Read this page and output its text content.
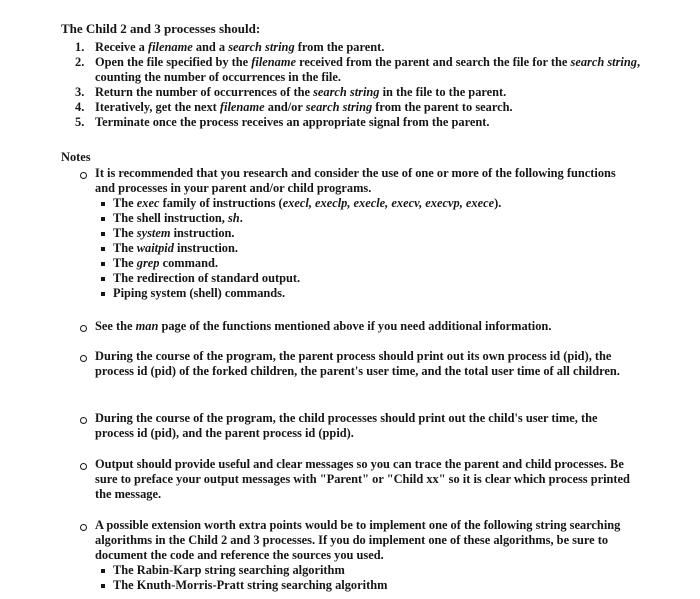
The Child 2 and 3 processes should:
1. Receive a filename and a search string from the parent.
2. Open the file specified by the filename received from the parent and search the file for the search string, counting the number of occurrences in the file.
3. Return the number of occurrences of the search string in the file to the parent.
4. Iteratively, get the next filename and/or search string from the parent to search.
5. Terminate once the process receives an appropriate signal from the parent.
Notes
It is recommended that you research and consider the use of one or more of the following functions and processes in your parent and/or child programs.
The exec family of instructions (execl, execlp, execle, execv, execvp, exece).
The shell instruction, sh.
The system instruction.
The waitpid instruction.
The grep command.
The redirection of standard output.
Piping system (shell) commands.
See the man page of the functions mentioned above if you need additional information.
During the course of the program, the parent process should print out its own process id (pid), the process id (pid) of the forked children, the parent's user time, and the total user time of all children.
During the course of the program, the child processes should print out the child's user time, the process id (pid), and the parent process id (ppid).
Output should provide useful and clear messages so you can trace the parent and child processes. Be sure to preface your output messages with "Parent" or "Child xx" so it is clear which process printed the message.
A possible extension worth extra points would be to implement one of the following string searching algorithms in the Child 2 and 3 processes. If you do implement one of these algorithms, be sure to document the code and reference the sources you used.
The Rabin-Karp string searching algorithm
The Knuth-Morris-Pratt string searching algorithm
